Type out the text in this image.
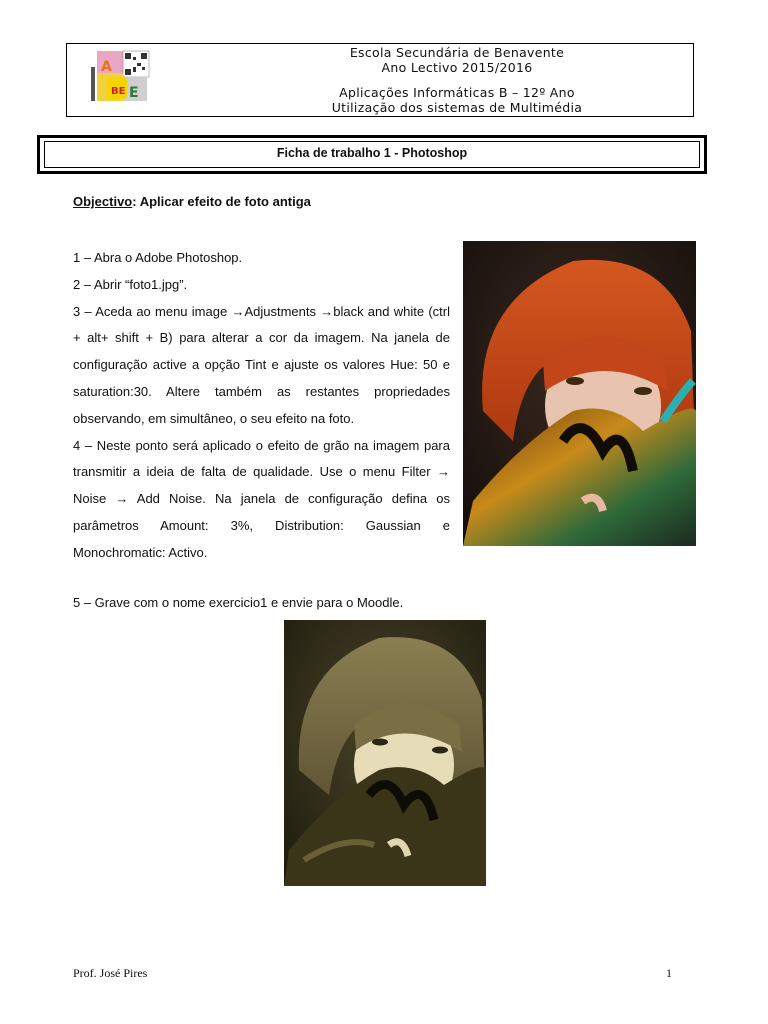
A
E
BE
Escola Secundária de Benavente
Ano Lectivo 2015/2016
Aplicações Informáticas B – 12º Ano
Utilização dos sistemas de Multimédia
Ficha de trabalho 1 - Photoshop
Objectivo: Aplicar efeito de foto antiga

1 – Abra o Adobe Photoshop.

2 – Abrir “foto1.jpg”.

3 – Aceda ao menu image →Adjustments →black and white (ctrl + alt+ shift + B) para alterar a cor da imagem. Na janela de configuração active a opção Tint e ajuste os valores Hue: 50 e saturation:30. Altere também as restantes propriedades observando, em simultâneo, o seu efeito na foto.

4 – Neste ponto será aplicado o efeito de grão na imagem para transmitir a ideia de falta de qualidade. Use o menu Filter → Noise → Add Noise. Na janela de configuração defina os parâmetros Amount: 3%, Distribution: Gaussian e Monochromatic: Activo.

5 – Grave com o nome exercicio1 e envie para o Moodle.
Prof. José Pires	1
